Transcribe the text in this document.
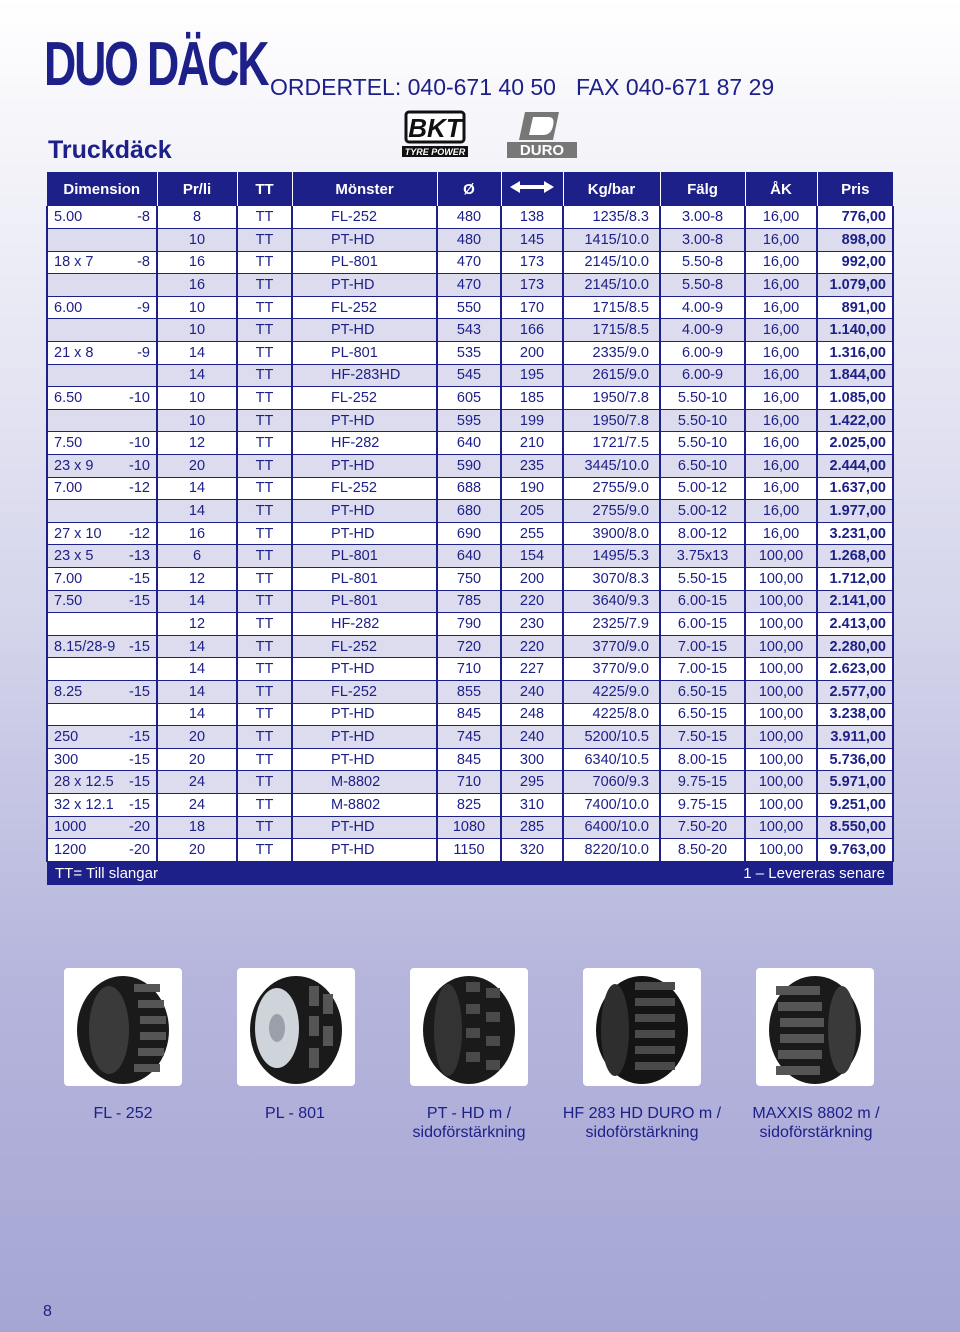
DUO DÄCK ORDERTEL: 040-671 40 50 FAX 040-671 87 29
Truckdäck
BKT
TYRE POWER	DURO
Dimension	Pr/li	TT	Mönster	Ø		Kg/bar	Fälg	ÅK	Pris
5.00 -8	8	TT	FL-252	480	138	1235/8.3	3.00-8	16,00	776,00
	10	TT	PT-HD	480	145	1415/10.0	3.00-8	16,00	898,00
18 x 7 -8	16	TT	PL-801	470	173	2145/10.0	5.50-8	16,00	992,00
	16	TT	PT-HD	470	173	2145/10.0	5.50-8	16,00	1.079,00
6.00 -9	10	TT	FL-252	550	170	1715/8.5	4.00-9	16,00	891,00
	10	TT	PT-HD	543	166	1715/8.5	4.00-9	16,00	1.140,00
21 x 8 -9	14	TT	PL-801	535	200	2335/9.0	6.00-9	16,00	1.316,00
	14	TT	HF-283HD	545	195	2615/9.0	6.00-9	16,00	1.844,00
6.50 -10	10	TT	FL-252	605	185	1950/7.8	5.50-10	16,00	1.085,00
	10	TT	PT-HD	595	199	1950/7.8	5.50-10	16,00	1.422,00
7.50 -10	12	TT	HF-282	640	210	1721/7.5	5.50-10	16,00	2.025,00
23 x 9 -10	20	TT	PT-HD	590	235	3445/10.0	6.50-10	16,00	2.444,00
7.00 -12	14	TT	FL-252	688	190	2755/9.0	5.00-12	16,00	1.637,00
	14	TT	PT-HD	680	205	2755/9.0	5.00-12	16,00	1.977,00
27 x 10 -12	16	TT	PT-HD	690	255	3900/8.0	8.00-12	16,00	3.231,00
23 x 5 -13	6	TT	PL-801	640	154	1495/5.3	3.75x13	100,00	1.268,00
7.00 -15	12	TT	PL-801	750	200	3070/8.3	5.50-15	100,00	1.712,00
7.50 -15	14	TT	PL-801	785	220	3640/9.3	6.00-15	100,00	2.141,00
	12	TT	HF-282	790	230	2325/7.9	6.00-15	100,00	2.413,00
8.15/28-9 -15	14	TT	FL-252	720	220	3770/9.0	7.00-15	100,00	2.280,00
	14	TT	PT-HD	710	227	3770/9.0	7.00-15	100,00	2.623,00
8.25 -15	14	TT	FL-252	855	240	4225/9.0	6.50-15	100,00	2.577,00
	14	TT	PT-HD	845	248	4225/8.0	6.50-15	100,00	3.238,00
250 -15	20	TT	PT-HD	745	240	5200/10.5	7.50-15	100,00	3.911,00
300 -15	20	TT	PT-HD	845	300	6340/10.5	8.00-15	100,00	5.736,00
28 x 12.5 -15	24	TT	M-8802	710	295	7060/9.3	9.75-15	100,00	5.971,00
32 x 12.1 -15	24	TT	M-8802	825	310	7400/10.0	9.75-15	100,00	9.251,00
1000 -20	18	TT	PT-HD	1080	285	6400/10.0	7.50-20	100,00	8.550,00
1200 -20	20	TT	PT-HD	1150	320	8220/10.0	8.50-20	100,00	9.763,00
TT= Till slangar					1 – Levereras senare				
FL - 252	PL - 801	PT - HD m / sidoförstärkning
HF 283 HD DURO m / sidoförstärkning
MAXXIS 8802 m / sidoförstärkning
8
